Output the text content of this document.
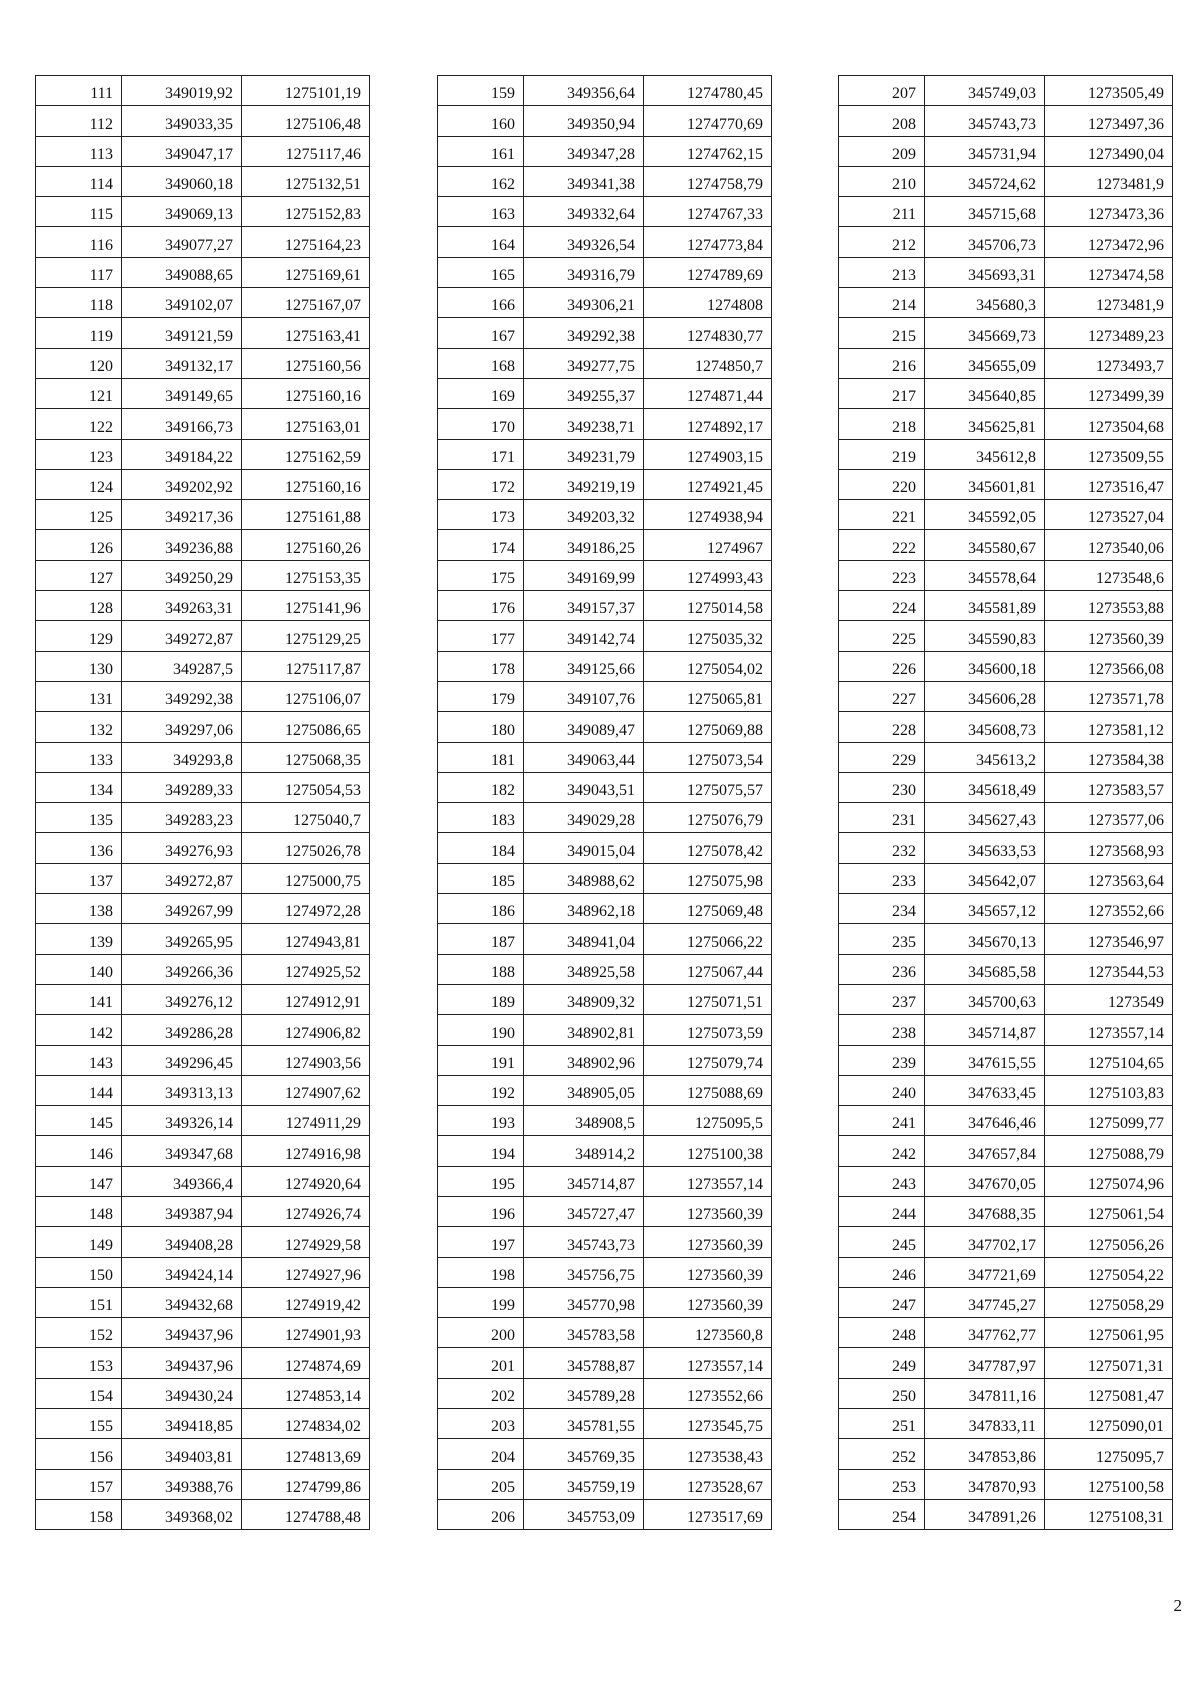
111	349019,92	1275101,19
112	349033,35	1275106,48
113	349047,17	1275117,46
114	349060,18	1275132,51
115	349069,13	1275152,83
116	349077,27	1275164,23
117	349088,65	1275169,61
118	349102,07	1275167,07
119	349121,59	1275163,41
120	349132,17	1275160,56
121	349149,65	1275160,16
122	349166,73	1275163,01
123	349184,22	1275162,59
124	349202,92	1275160,16
125	349217,36	1275161,88
126	349236,88	1275160,26
127	349250,29	1275153,35
128	349263,31	1275141,96
129	349272,87	1275129,25
130	349287,5	1275117,87
131	349292,38	1275106,07
132	349297,06	1275086,65
133	349293,8	1275068,35
134	349289,33	1275054,53
135	349283,23	1275040,7
136	349276,93	1275026,78
137	349272,87	1275000,75
138	349267,99	1274972,28
139	349265,95	1274943,81
140	349266,36	1274925,52
141	349276,12	1274912,91
142	349286,28	1274906,82
143	349296,45	1274903,56
144	349313,13	1274907,62
145	349326,14	1274911,29
146	349347,68	1274916,98
147	349366,4	1274920,64
148	349387,94	1274926,74
149	349408,28	1274929,58
150	349424,14	1274927,96
151	349432,68	1274919,42
152	349437,96	1274901,93
153	349437,96	1274874,69
154	349430,24	1274853,14
155	349418,85	1274834,02
156	349403,81	1274813,69
157	349388,76	1274799,86
158	349368,02	1274788,48
159	349356,64	1274780,45
160	349350,94	1274770,69
161	349347,28	1274762,15
162	349341,38	1274758,79
163	349332,64	1274767,33
164	349326,54	1274773,84
165	349316,79	1274789,69
166	349306,21	1274808
167	349292,38	1274830,77
168	349277,75	1274850,7
169	349255,37	1274871,44
170	349238,71	1274892,17
171	349231,79	1274903,15
172	349219,19	1274921,45
173	349203,32	1274938,94
174	349186,25	1274967
175	349169,99	1274993,43
176	349157,37	1275014,58
177	349142,74	1275035,32
178	349125,66	1275054,02
179	349107,76	1275065,81
180	349089,47	1275069,88
181	349063,44	1275073,54
182	349043,51	1275075,57
183	349029,28	1275076,79
184	349015,04	1275078,42
185	348988,62	1275075,98
186	348962,18	1275069,48
187	348941,04	1275066,22
188	348925,58	1275067,44
189	348909,32	1275071,51
190	348902,81	1275073,59
191	348902,96	1275079,74
192	348905,05	1275088,69
193	348908,5	1275095,5
194	348914,2	1275100,38
195	345714,87	1273557,14
196	345727,47	1273560,39
197	345743,73	1273560,39
198	345756,75	1273560,39
199	345770,98	1273560,39
200	345783,58	1273560,8
201	345788,87	1273557,14
202	345789,28	1273552,66
203	345781,55	1273545,75
204	345769,35	1273538,43
205	345759,19	1273528,67
206	345753,09	1273517,69
207	345749,03	1273505,49
208	345743,73	1273497,36
209	345731,94	1273490,04
210	345724,62	1273481,9
211	345715,68	1273473,36
212	345706,73	1273472,96
213	345693,31	1273474,58
214	345680,3	1273481,9
215	345669,73	1273489,23
216	345655,09	1273493,7
217	345640,85	1273499,39
218	345625,81	1273504,68
219	345612,8	1273509,55
220	345601,81	1273516,47
221	345592,05	1273527,04
222	345580,67	1273540,06
223	345578,64	1273548,6
224	345581,89	1273553,88
225	345590,83	1273560,39
226	345600,18	1273566,08
227	345606,28	1273571,78
228	345608,73	1273581,12
229	345613,2	1273584,38
230	345618,49	1273583,57
231	345627,43	1273577,06
232	345633,53	1273568,93
233	345642,07	1273563,64
234	345657,12	1273552,66
235	345670,13	1273546,97
236	345685,58	1273544,53
237	345700,63	1273549
238	345714,87	1273557,14
239	347615,55	1275104,65
240	347633,45	1275103,83
241	347646,46	1275099,77
242	347657,84	1275088,79
243	347670,05	1275074,96
244	347688,35	1275061,54
245	347702,17	1275056,26
246	347721,69	1275054,22
247	347745,27	1275058,29
248	347762,77	1275061,95
249	347787,97	1275071,31
250	347811,16	1275081,47
251	347833,11	1275090,01
252	347853,86	1275095,7
253	347870,93	1275100,58
254	347891,26	1275108,31
2
